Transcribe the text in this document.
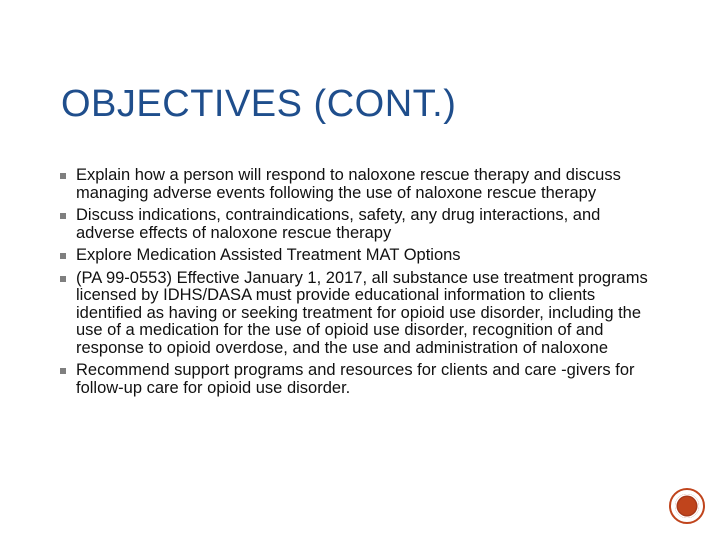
OBJECTIVES (CONT.)
Explain how a person will respond to naloxone rescue therapy and discuss managing adverse events following the use of naloxone rescue therapy
Discuss indications, contraindications, safety, any drug interactions, and adverse effects of naloxone rescue therapy
Explore Medication Assisted Treatment MAT Options
(PA 99-0553) Effective January 1, 2017, all substance use treatment programs licensed by IDHS/DASA must provide educational information to clients identified as having or seeking treatment for opioid use disorder, including the use of a medication for the use of opioid use disorder, recognition of and response to opioid overdose, and the use and administration of naloxone
Recommend support programs and resources for clients and care -givers for follow-up care for opioid use disorder.
